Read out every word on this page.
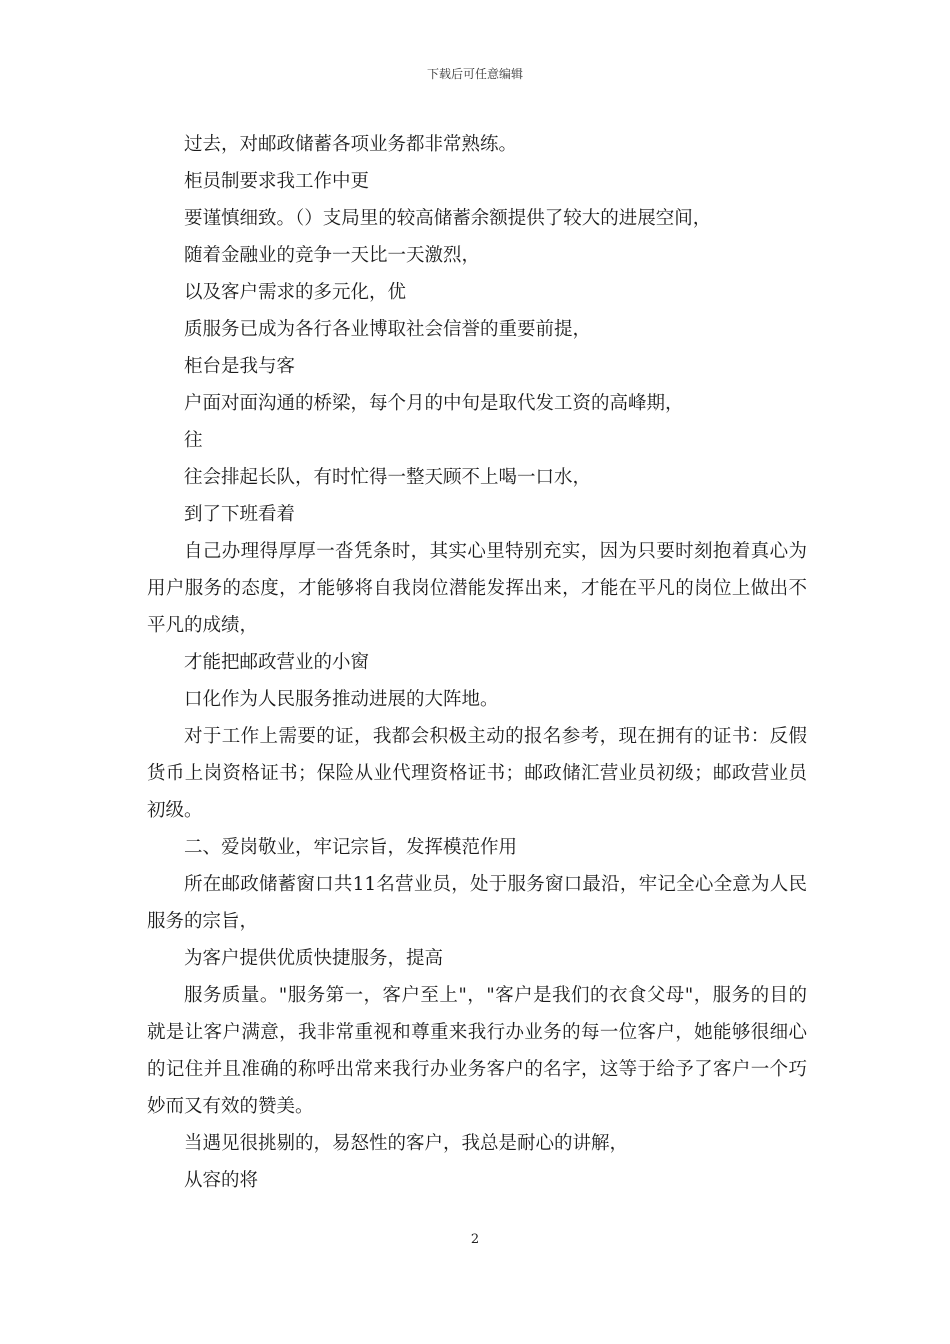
下载后可任意编辑

过去，对邮政储蓄各项业务都非常熟练。

柜员制要求我工作中更

要谨慎细致。（）支局里的较高储蓄余额提供了较大的进展空间，

随着金融业的竞争一天比一天激烈，

以及客户需求的多元化，优

质服务已成为各行各业博取社会信誉的重要前提，

柜台是我与客

户面对面沟通的桥梁，每个月的中旬是取代发工资的高峰期，

往

往会排起长队，有时忙得一整天顾不上喝一口水，

到了下班看着

自己办理得厚厚一沓凭条时，其实心里特别充实，因为只要时刻抱着真心为用户服务的态度，才能够将自我岗位潜能发挥出来，才能在平凡的岗位上做出不平凡的成绩，

才能把邮政营业的小窗

口化作为人民服务推动进展的大阵地。

对于工作上需要的证，我都会积极主动的报名参考，现在拥有的证书：反假货币上岗资格证书；保险从业代理资格证书；邮政储汇营业员初级；邮政营业员初级。

二、爱岗敬业，牢记宗旨，发挥模范作用

所在邮政储蓄窗口共11名营业员，处于服务窗口最沿，牢记全心全意为人民服务的宗旨，

为客户提供优质快捷服务，提高

服务质量。"服务第一，客户至上"，"客户是我们的衣食父母"，服务的目的就是让客户满意，我非常重视和尊重来我行办业务的每一位客户，她能够很细心的记住并且准确的称呼出常来我行办业务客户的名字，这等于给予了客户一个巧妙而又有效的赞美。

当遇见很挑剔的，易怒性的客户，我总是耐心的讲解，

从容的将

2
